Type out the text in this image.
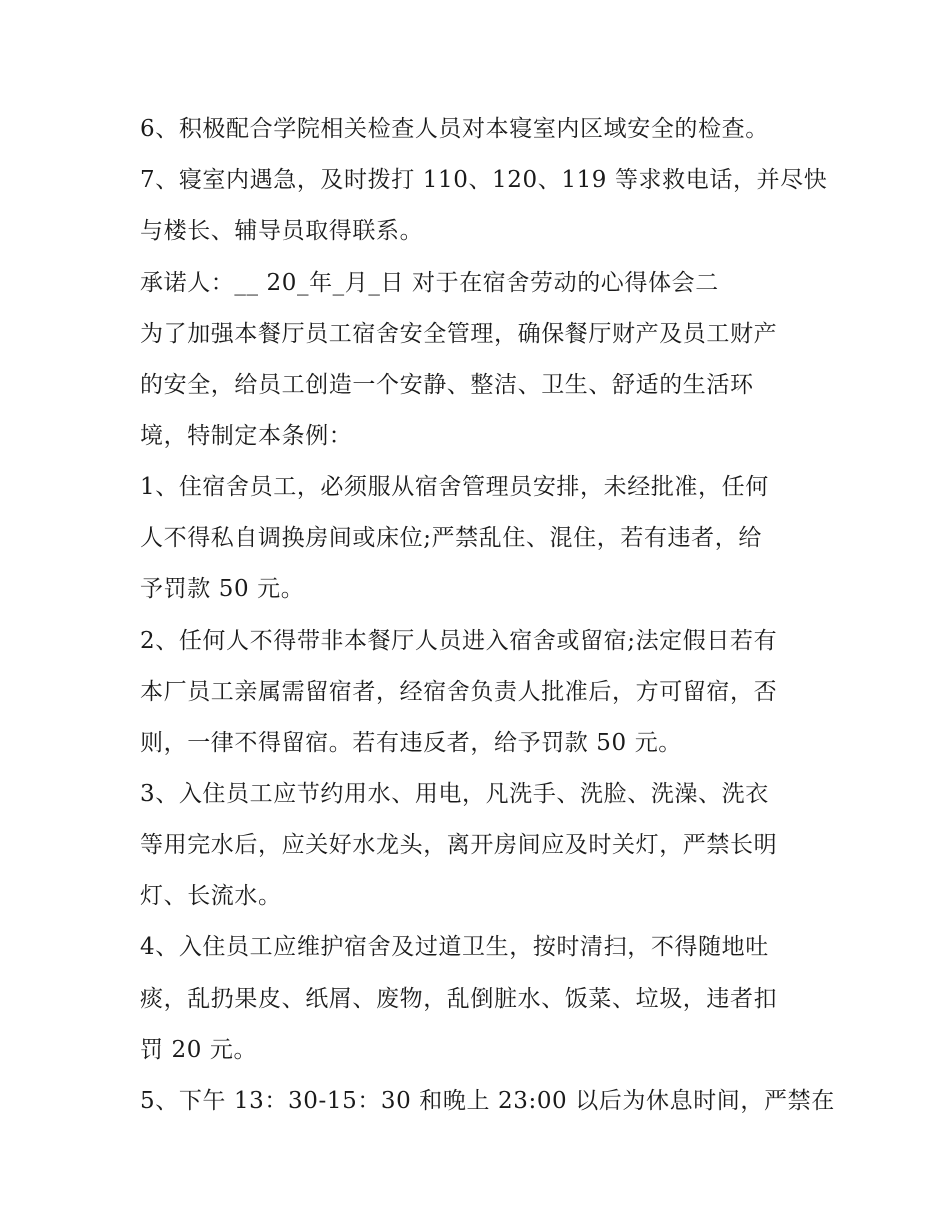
6、积极配合学院相关检查人员对本寝室内区域安全的检查。
7、寝室内遇急，及时拨打 110、120、119 等求救电话，并尽快
与楼长、辅导员取得联系。
承诺人：__ 20_年_月_日 对于在宿舍劳动的心得体会二
为了加强本餐厅员工宿舍安全管理，确保餐厅财产及员工财产
的安全，给员工创造一个安静、整洁、卫生、舒适的生活环
境，特制定本条例：
1、住宿舍员工，必须服从宿舍管理员安排，未经批准，任何
人不得私自调换房间或床位;严禁乱住、混住，若有违者，给
予罚款 50 元。
2、任何人不得带非本餐厅人员进入宿舍或留宿;法定假日若有
本厂员工亲属需留宿者，经宿舍负责人批准后，方可留宿，否
则，一律不得留宿。若有违反者，给予罚款 50 元。
3、入住员工应节约用水、用电，凡洗手、洗脸、洗澡、洗衣
等用完水后，应关好水龙头，离开房间应及时关灯，严禁长明
灯、长流水。
4、入住员工应维护宿舍及过道卫生，按时清扫，不得随地吐
痰，乱扔果皮、纸屑、废物，乱倒脏水、饭菜、垃圾，违者扣
罚 20 元。
5、下午 13：30-15：30 和晚上 23:00 以后为休息时间，严禁在
